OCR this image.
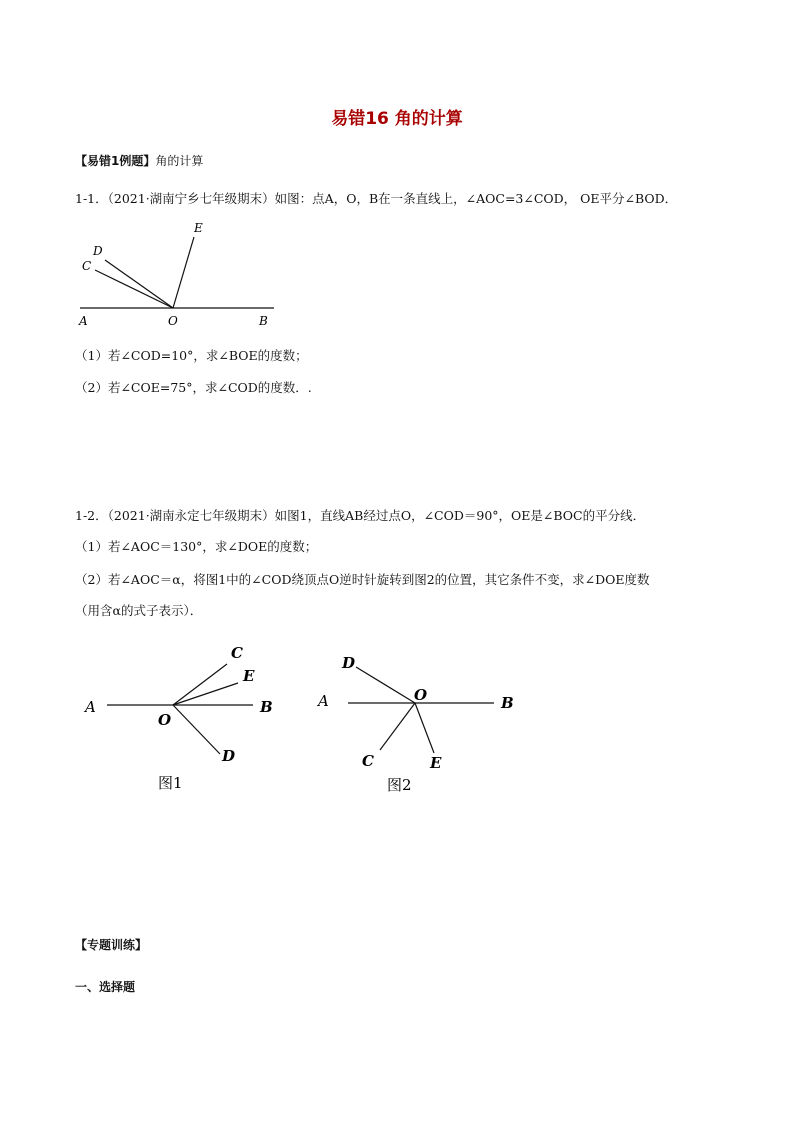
易错16 角的计算
【易错1例题】角的计算
1-1．（2021·湖南宁乡七年级期末）如图：点A，O，B在一条直线上，∠AOC=3∠COD， OE平分∠BOD．
E
D
C
A	O	B
（1）若∠COD=10°，求∠BOE的度数；
（2）若∠COE=75°，求∠COD的度数．.
1-2．（2021·湖南永定七年级期末）如图1，直线AB经过点O，∠COD＝90°，OE是∠BOC的平分线．
（1）若∠AOC＝130°，求∠DOE的度数；
（2）若∠AOC＝α，将图1中的∠COD绕顶点O逆时针旋转到图2的位置，其它条件不变，求∠DOE度数
（用含α的式子表示）．
C
E
A	B
O
D
图1
D
O
A	B
C	E
图2
【专题训练】
一、选择题
